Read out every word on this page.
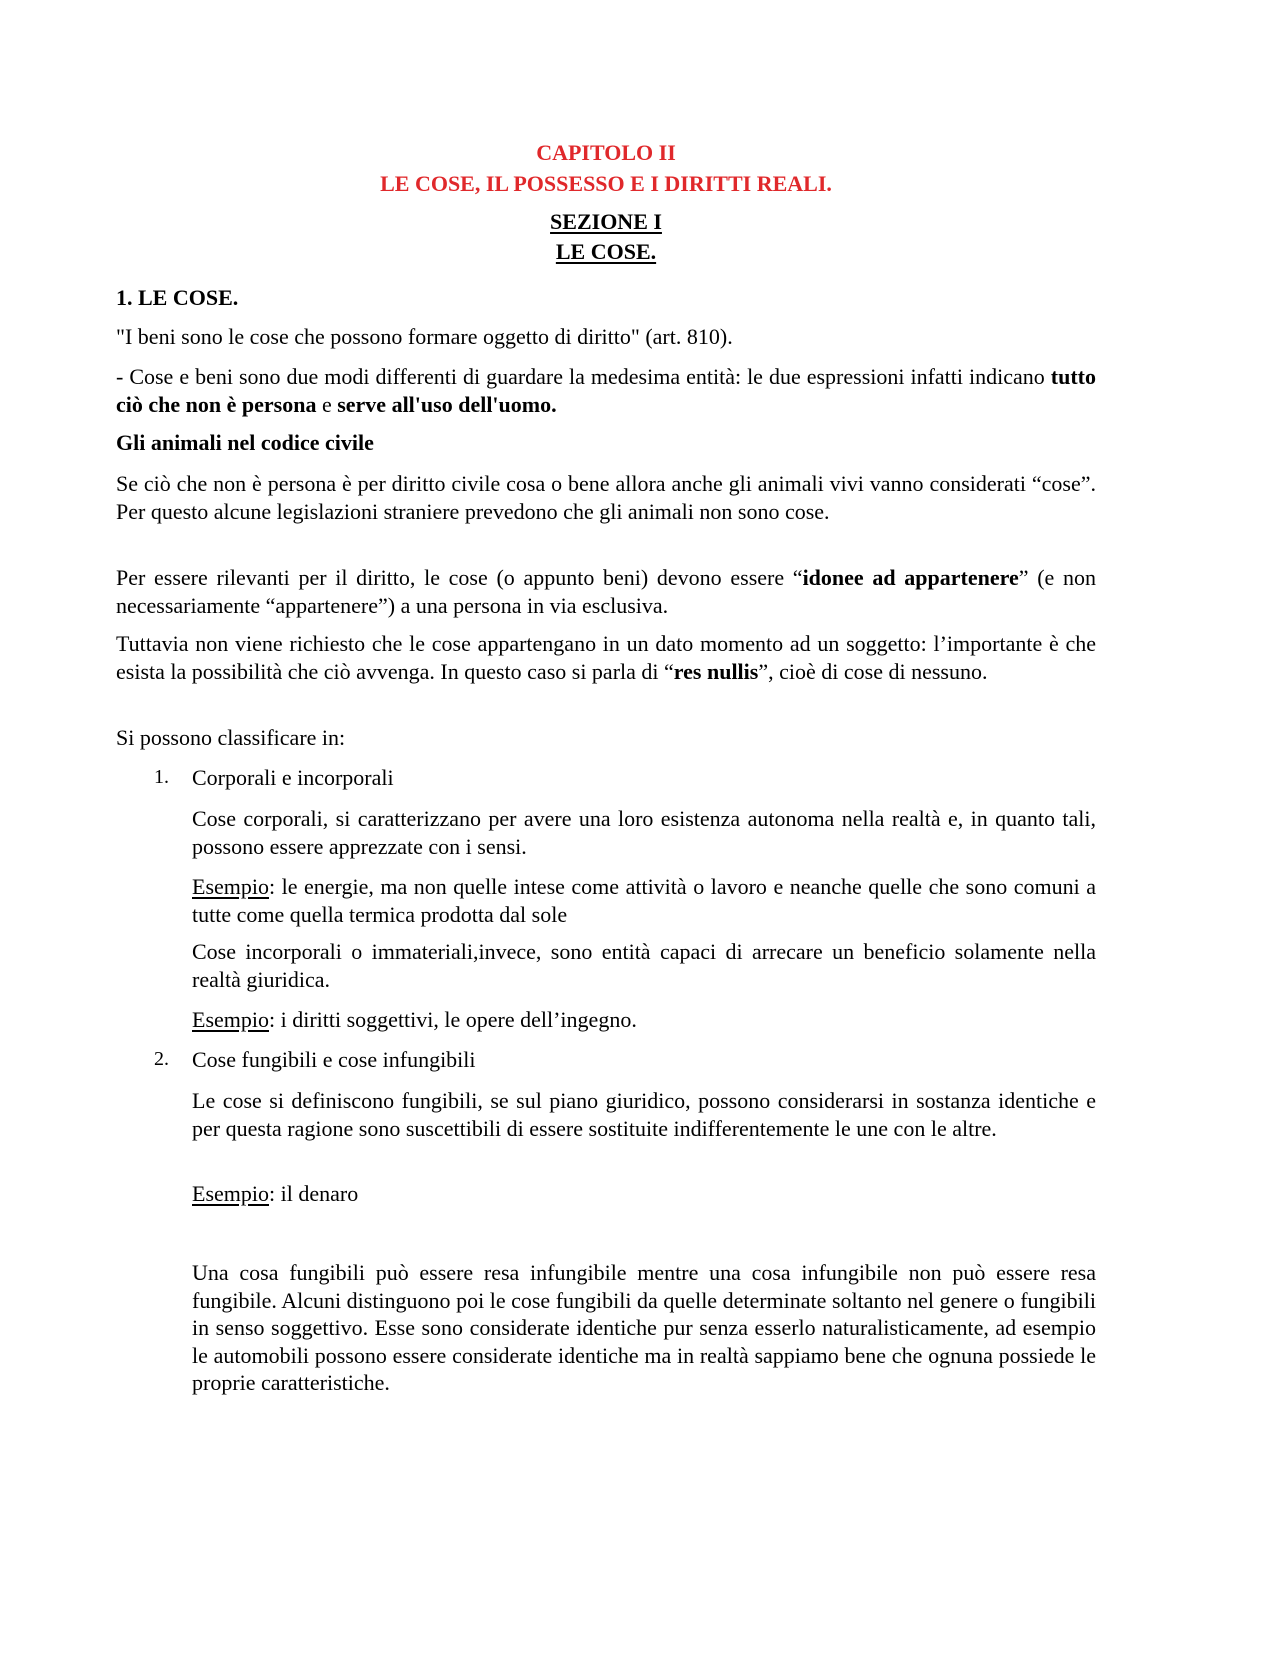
CAPITOLO II
LE COSE, IL POSSESSO E I DIRITTI REALI.
SEZIONE I
LE COSE.
1. LE COSE.
"I beni sono le cose che possono formare oggetto di diritto" (art. 810).
- Cose e beni sono due modi differenti di guardare la medesima entità: le due espressioni infatti indicano tutto ciò che non è persona e serve all'uso dell'uomo.
Gli animali nel codice civile
Se ciò che non è persona è per diritto civile cosa o bene allora anche gli animali vivi vanno considerati “cose”. Per questo alcune legislazioni straniere prevedono che gli animali non sono cose.
Per essere rilevanti per il diritto, le cose (o appunto beni) devono essere “idonee ad appartenere” (e non necessariamente “appartenere”) a una persona in via esclusiva.
Tuttavia non viene richiesto che le cose appartengano in un dato momento ad un soggetto: l’importante è che esista la possibilità che ciò avvenga. In questo caso si parla di “res nullis”, cioè di cose di nessuno.
Si possono classificare in:
1. Corporali e incorporali
Cose corporali, si caratterizzano per avere una loro esistenza autonoma nella realtà e, in quanto tali, possono essere apprezzate con i sensi.
Esempio: le energie, ma non quelle intese come attività o lavoro e neanche quelle che sono comuni a tutte come quella termica prodotta dal sole
Cose incorporali o immateriali,invece, sono entità capaci di arrecare un beneficio solamente nella realtà giuridica.
Esempio: i diritti soggettivi, le opere dell’ingegno.
2. Cose fungibili e cose infungibili
Le cose si definiscono fungibili, se sul piano giuridico, possono considerarsi in sostanza identiche e per questa ragione sono suscettibili di essere sostituite indifferentemente le une con le altre.
Esempio: il denaro
Una cosa fungibili può essere resa infungibile mentre una cosa infungibile non può essere resa fungibile. Alcuni distinguono poi le cose fungibili da quelle determinate soltanto nel genere o fungibili in senso soggettivo. Esse sono considerate identiche pur senza esserlo naturalisticamente, ad esempio le automobili possono essere considerate identiche ma in realtà sappiamo bene che ognuna possiede le proprie caratteristiche.
